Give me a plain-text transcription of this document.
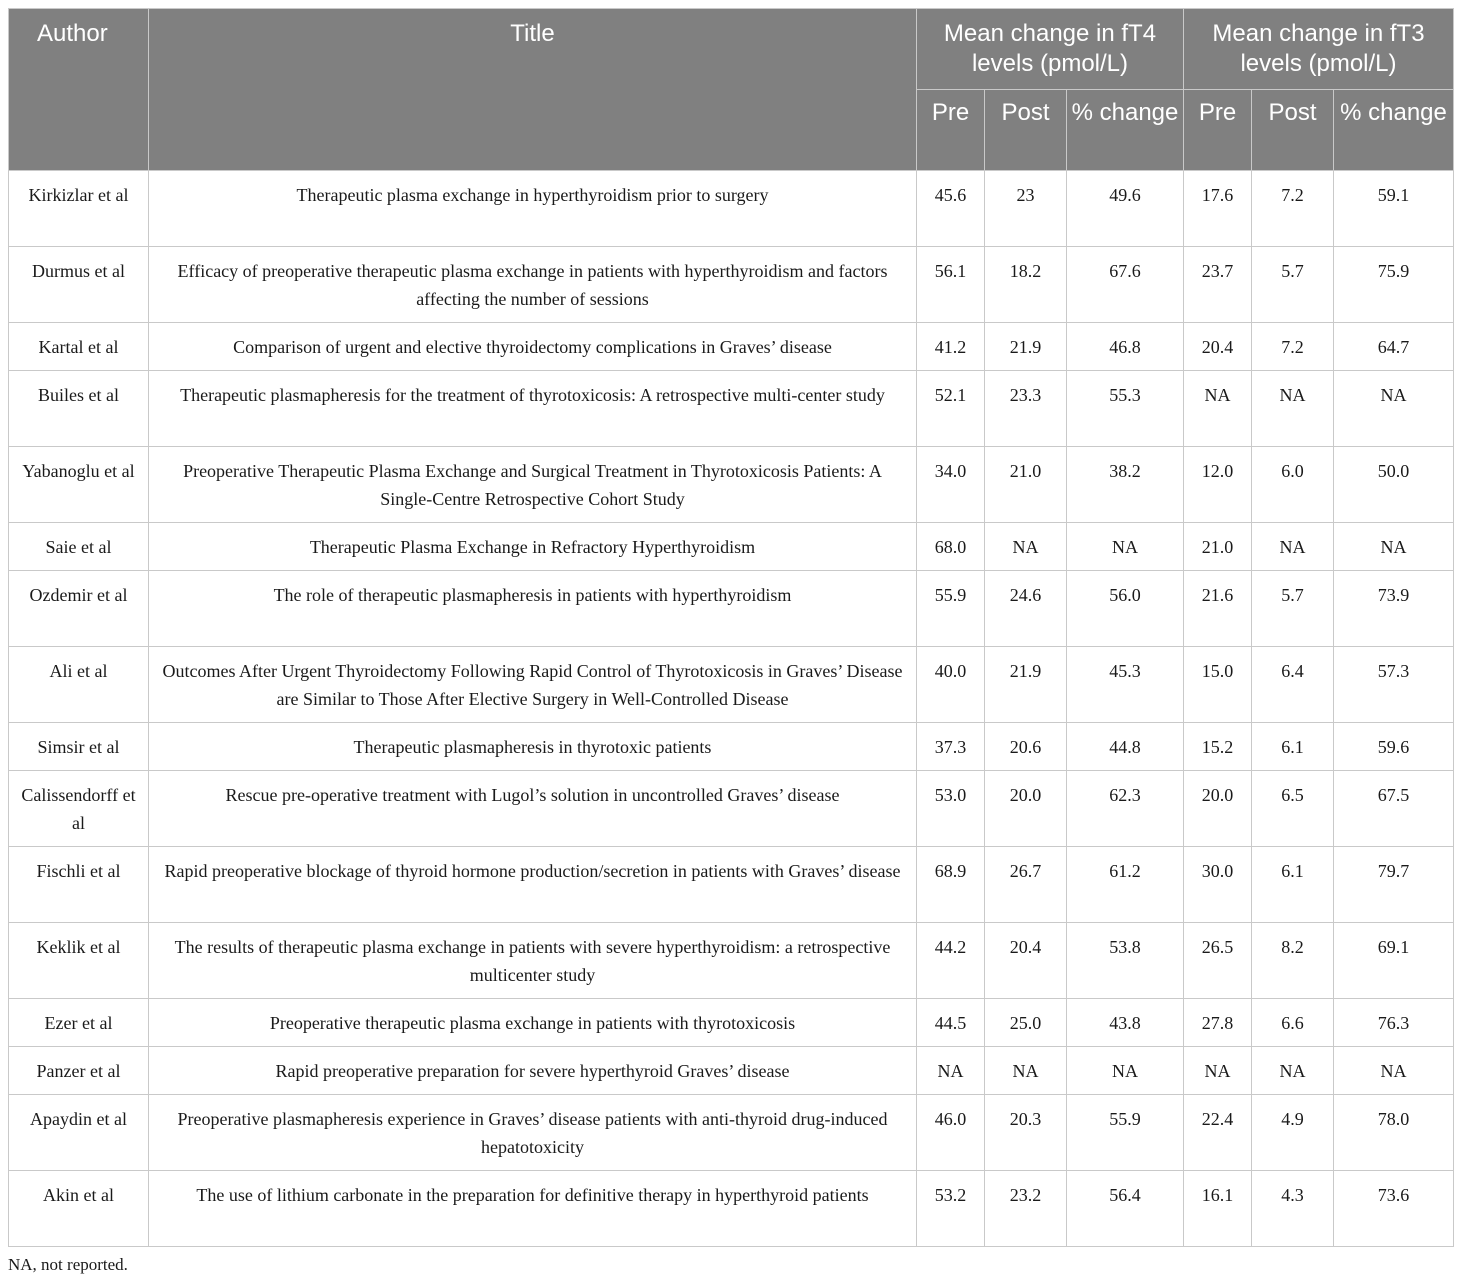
Author	Title	Mean change in fT4 levels (pmol/L)			Mean change in fT3 levels (pmol/L)		
		Pre	Post	% change	Pre	Post	% change
Kirkizlar et al	Therapeutic plasma exchange in hyperthyroidism prior to surgery	45.6	23	49.6	17.6	7.2	59.1
Durmus et al	Efficacy of preoperative therapeutic plasma exchange in patients with hyperthyroidism and factors affecting the number of sessions	56.1	18.2	67.6	23.7	5.7	75.9
Kartal et al	Comparison of urgent and elective thyroidectomy complications in Graves’ disease	41.2	21.9	46.8	20.4	7.2	64.7
Builes et al	Therapeutic plasmapheresis for the treatment of thyrotoxicosis: A retrospective multi-center study	52.1	23.3	55.3	NA	NA	NA
Yabanoglu et al	Preoperative Therapeutic Plasma Exchange and Surgical Treatment in Thyrotoxicosis Patients: A Single-Centre Retrospective Cohort Study	34.0	21.0	38.2	12.0	6.0	50.0
Saie et al	Therapeutic Plasma Exchange in Refractory Hyperthyroidism	68.0	NA	NA	21.0	NA	NA
Ozdemir et al	The role of therapeutic plasmapheresis in patients with hyperthyroidism	55.9	24.6	56.0	21.6	5.7	73.9
Ali et al	Outcomes After Urgent Thyroidectomy Following Rapid Control of Thyrotoxicosis in Graves’ Disease are Similar to Those After Elective Surgery in Well-Controlled Disease	40.0	21.9	45.3	15.0	6.4	57.3
Simsir et al	Therapeutic plasmapheresis in thyrotoxic patients	37.3	20.6	44.8	15.2	6.1	59.6
Calissendorff et al	Rescue pre-operative treatment with Lugol’s solution in uncontrolled Graves’ disease	53.0	20.0	62.3	20.0	6.5	67.5
Fischli et al	Rapid preoperative blockage of thyroid hormone production/secretion in patients with Graves’ disease	68.9	26.7	61.2	30.0	6.1	79.7
Keklik et al	The results of therapeutic plasma exchange in patients with severe hyperthyroidism: a retrospective multicenter study	44.2	20.4	53.8	26.5	8.2	69.1
Ezer et al	Preoperative therapeutic plasma exchange in patients with thyrotoxicosis	44.5	25.0	43.8	27.8	6.6	76.3
Panzer et al	Rapid preoperative preparation for severe hyperthyroid Graves’ disease	NA	NA	NA	NA	NA	NA
Apaydin et al	Preoperative plasmapheresis experience in Graves’ disease patients with anti-thyroid drug-induced hepatotoxicity	46.0	20.3	55.9	22.4	4.9	78.0
Akin et al	The use of lithium carbonate in the preparation for definitive therapy in hyperthyroid patients	53.2	23.2	56.4	16.1	4.3	73.6
NA, not reported.
